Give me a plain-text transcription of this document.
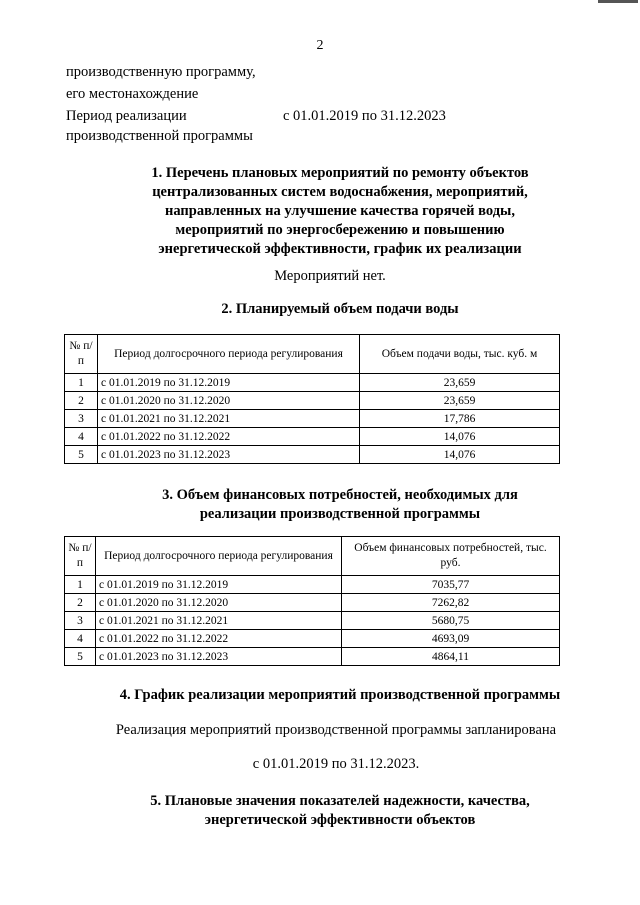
2
производственную программу,
его местонахождение
Период реализации	с 01.01.2019 по 31.12.2023
производственной программы
1. Перечень плановых мероприятий по ремонту объектов
централизованных систем водоснабжения, мероприятий,
направленных на улучшение качества горячей воды,
мероприятий по энергосбережению и повышению
энергетической эффективности, график их реализации
Мероприятий нет.
2. Планируемый объем подачи воды
№ п/п	Период долгосрочного периода регулирования	Объем подачи воды, тыс. куб. м
1	с 01.01.2019 по 31.12.2019	23,659
2	с 01.01.2020 по 31.12.2020	23,659
3	с 01.01.2021 по 31.12.2021	17,786
4	с 01.01.2022 по 31.12.2022	14,076
5	с 01.01.2023 по 31.12.2023	14,076
3. Объем финансовых потребностей, необходимых для
реализации производственной программы
№ п/п	Период долгосрочного периода регулирования	Объем финансовых потребностей, тыс. руб.
1	с 01.01.2019 по 31.12.2019	7035,77
2	с 01.01.2020 по 31.12.2020	7262,82
3	с 01.01.2021 по 31.12.2021	5680,75
4	с 01.01.2022 по 31.12.2022	4693,09
5	с 01.01.2023 по 31.12.2023	4864,11
4. График реализации мероприятий производственной программы
Реализация мероприятий производственной программы запланирована
с 01.01.2019 по 31.12.2023.
5. Плановые значения показателей надежности, качества,
энергетической эффективности объектов
